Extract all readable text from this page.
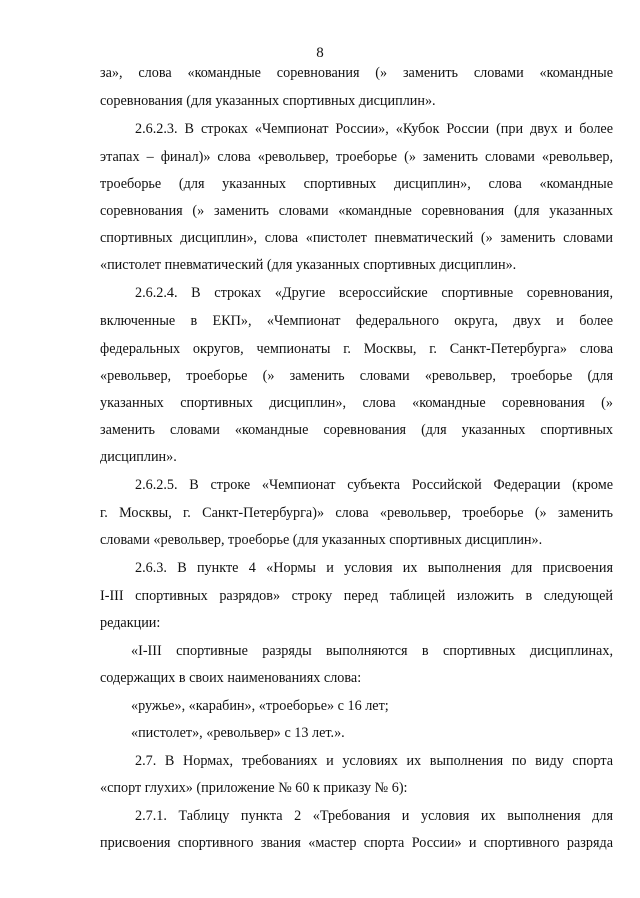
8
за», слова «командные соревнования (» заменить словами «командные
соревнования (для указанных спортивных дисциплин».
2.6.2.3. В строках «Чемпионат России», «Кубок России (при двух и более
этапах – финал)» слова «револьвер, троеборье (» заменить словами «револьвер,
троеборье (для указанных спортивных дисциплин», слова «командные
соревнования (» заменить словами «командные соревнования (для указанных
спортивных дисциплин», слова «пистолет пневматический (» заменить словами
«пистолет пневматический (для указанных спортивных дисциплин».
2.6.2.4. В строках «Другие всероссийские спортивные соревнования,
включенные в ЕКП», «Чемпионат федерального округа, двух и более
федеральных округов, чемпионаты г. Москвы, г. Санкт-Петербурга» слова
«револьвер, троеборье (» заменить словами «револьвер, троеборье (для
указанных спортивных дисциплин», слова «командные соревнования (»
заменить словами «командные соревнования (для указанных спортивных
дисциплин».
2.6.2.5. В строке «Чемпионат субъекта Российской Федерации (кроме
г. Москвы, г. Санкт-Петербурга)» слова «револьвер, троеборье (» заменить
словами «револьвер, троеборье (для указанных спортивных дисциплин».
2.6.3. В пункте 4 «Нормы и условия их выполнения для присвоения
I-III спортивных разрядов» строку перед таблицей изложить в следующей
редакции:
«I-III спортивные разряды выполняются в спортивных дисциплинах,
содержащих в своих наименованиях слова:
«ружье», «карабин», «троеборье» с 16 лет;
«пистолет», «револьвер» с 13 лет.».
2.7. В Нормах, требованиях и условиях их выполнения по виду спорта
«спорт глухих» (приложение № 60 к приказу № 6):
2.7.1. Таблицу пункта 2 «Требования и условия их выполнения для
присвоения спортивного звания «мастер спорта России» и спортивного разряда
